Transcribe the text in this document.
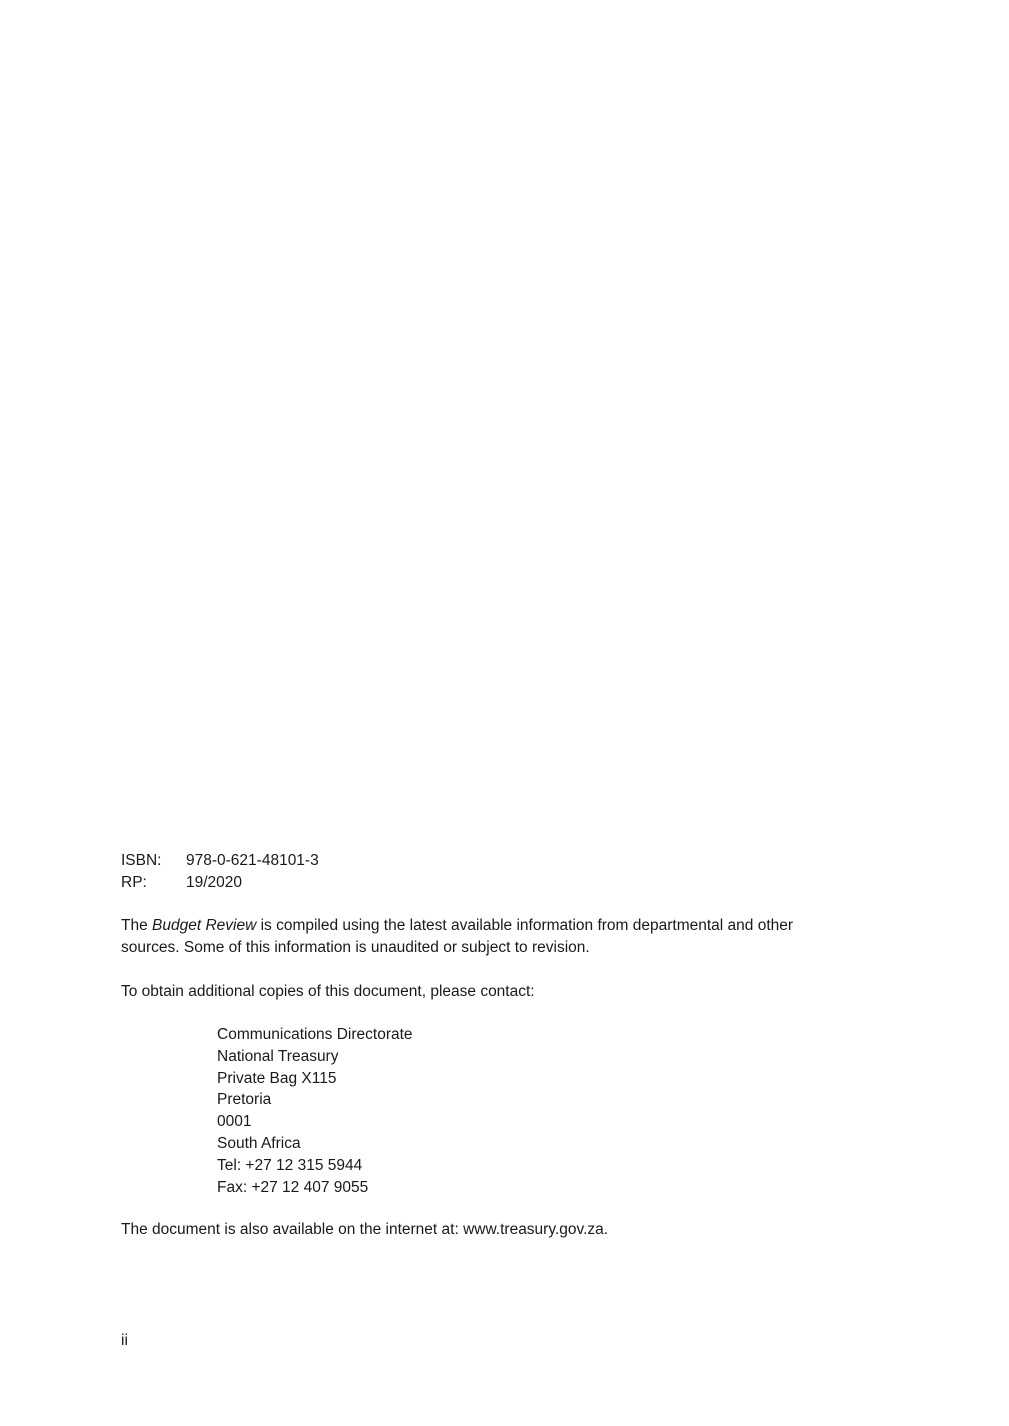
ISBN:	978-0-621-48101-3
RP:	19/2020

The Budget Review is compiled using the latest available information from departmental and other

sources. Some of this information is unaudited or subject to revision.

To obtain additional copies of this document, please contact:
Communications Directorate
National Treasury
Private Bag X115
Pretoria
0001
South Africa
Tel: +27 12 315 5944
Fax: +27 12 407 9055
The document is also available on the internet at: www.treasury.gov.za.
ii
